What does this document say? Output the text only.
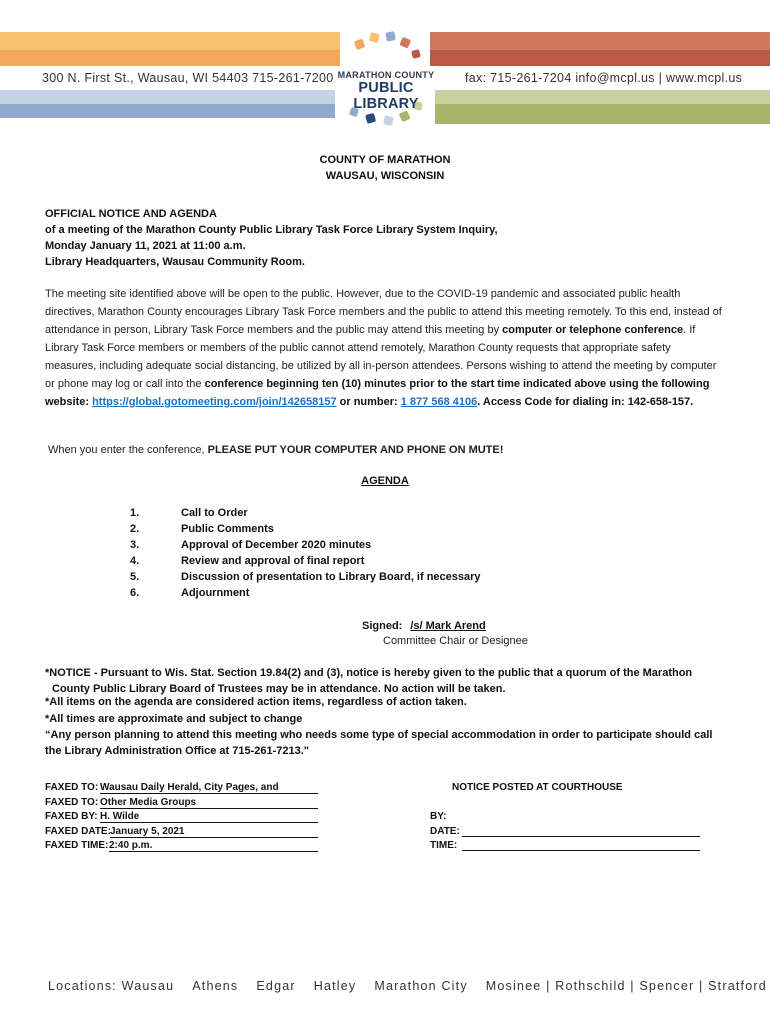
300 N. First St., Wausau, WI 54403 715-261-7200	fax: 715-261-7204 info@mcpl.us | www.mcpl.us
MARATHON COUNTY
PUBLIC LIBRARY
COUNTY OF MARATHON
WAUSAU, WISCONSIN
OFFICIAL NOTICE AND AGENDA
of a meeting of the Marathon County Public Library Task Force Library System Inquiry,
Monday January 11, 2021 at 11:00 a.m.
Library Headquarters, Wausau Community Room.
The meeting site identified above will be open to the public. However, due to the COVID-19 pandemic and associated public health directives, Marathon County encourages Library Task Force members and the public to attend this meeting remotely. To this end, instead of attendance in person, Library Task Force members and the public may attend this meeting by computer or telephone conference. If Library Task Force members or members of the public cannot attend remotely, Marathon County requests that appropriate safety measures, including adequate social distancing, be utilized by all in-person attendees. Persons wishing to attend the meeting by computer or phone may log or call into the conference beginning ten (10) minutes prior to the start time indicated above using the following website: https://global.gotomeeting.com/join/142658157 or number: 1 877 568 4106. Access Code for dialing in: 142-658-157.
When you enter the conference, PLEASE PUT YOUR COMPUTER AND PHONE ON MUTE!
AGENDA
1.	Call to Order
2.	Public Comments
3.	Approval of December 2020 minutes
4.	Review and approval of final report
5.	Discussion of presentation to Library Board, if necessary
6.	Adjournment
Signed: /s/ Mark Arend
Committee Chair or Designee
*NOTICE - Pursuant to Wis. Stat. Section 19.84(2) and (3), notice is hereby given to the public that a quorum of the Marathon
County Public Library Board of Trustees may be in attendance. No action will be taken.
*All items on the agenda are considered action items, regardless of action taken.
*All times are approximate and subject to change
“Any person planning to attend this meeting who needs some type of special accommodation in order to participate should call
the Library Administration Office at 715-261-7213."
FAXED TO: Wausau Daily Herald, City Pages, and
FAXED TO: Other Media Groups
FAXED BY: H. Wilde
FAXED DATE: January 5, 2021
FAXED TIME: 2:40 p.m.
NOTICE POSTED AT COURTHOUSE
BY:
DATE:
TIME:
Locations: Wausau Athens Edgar Hatley Marathon City Mosinee | Rothschild | Spencer | Stratford
